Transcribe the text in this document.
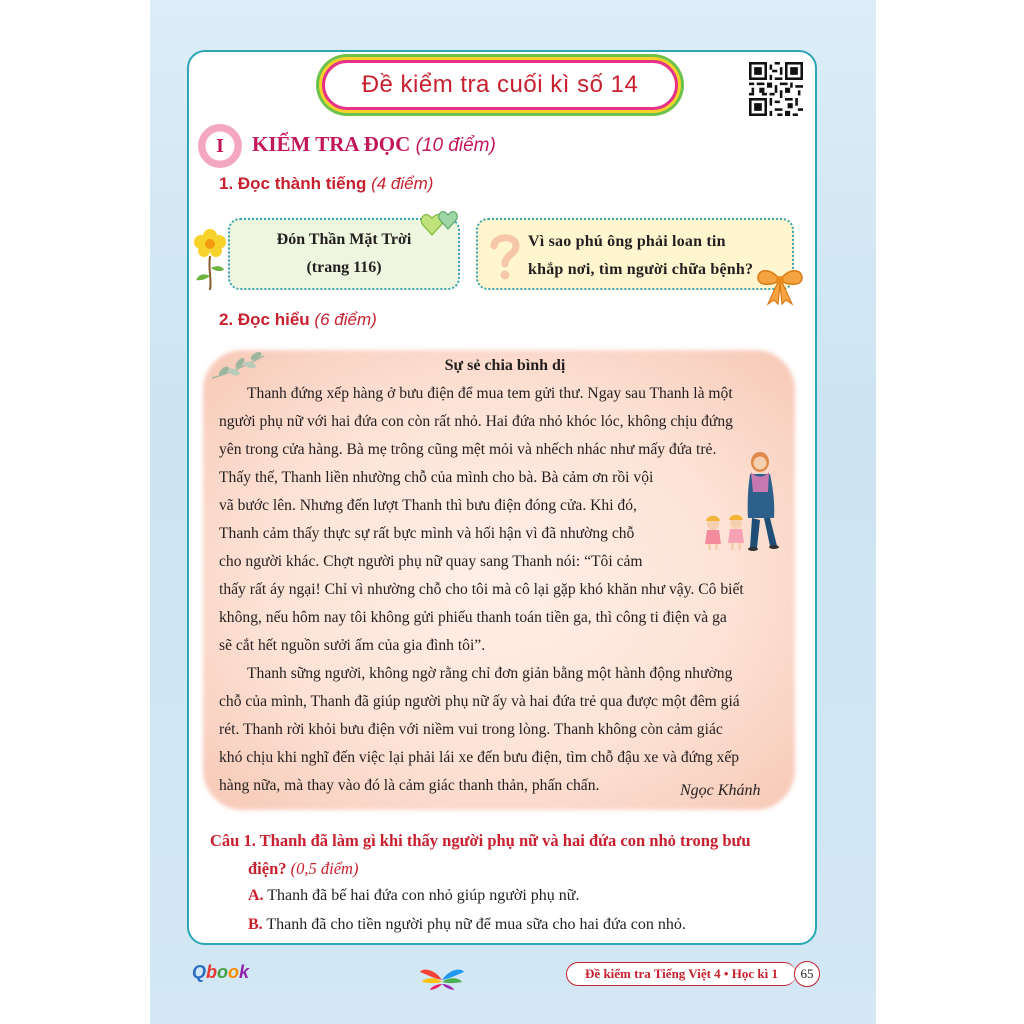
Đề kiểm tra cuối kì số 14
I KIỂM TRA ĐỌC (10 điểm)
1. Đọc thành tiếng (4 điểm)
Đón Thần Mặt Trời
(trang 116)
Vì sao phú ông phải loan tin
khắp nơi, tìm người chữa bệnh?
2. Đọc hiểu (6 điểm)
Sự sẻ chia bình dị
Thanh đứng xếp hàng ở bưu điện để mua tem gửi thư. Ngay sau Thanh là một
người phụ nữ với hai đứa con còn rất nhỏ. Hai đứa nhỏ khóc lóc, không chịu đứng
yên trong cửa hàng. Bà mẹ trông cũng mệt mỏi và nhếch nhác như mấy đứa trẻ.
Thấy thế, Thanh liền nhường chỗ của mình cho bà. Bà cảm ơn rồi vội
vã bước lên. Nhưng đến lượt Thanh thì bưu điện đóng cửa. Khi đó,
Thanh cảm thấy thực sự rất bực mình và hối hận vì đã nhường chỗ
cho người khác. Chợt người phụ nữ quay sang Thanh nói: “Tôi cảm
thấy rất áy ngại! Chỉ vì nhường chỗ cho tôi mà cô lại gặp khó khăn như vậy. Cô biết
không, nếu hôm nay tôi không gửi phiếu thanh toán tiền ga, thì công ti điện và ga
sẽ cắt hết nguồn sưởi ấm của gia đình tôi”.
Thanh sững người, không ngờ rằng chỉ đơn giản bằng một hành động nhường
chỗ của mình, Thanh đã giúp người phụ nữ ấy và hai đứa trẻ qua được một đêm giá
rét. Thanh rời khỏi bưu điện với niềm vui trong lòng. Thanh không còn cảm giác
khó chịu khi nghĩ đến việc lại phải lái xe đến bưu điện, tìm chỗ đậu xe và đứng xếp
hàng nữa, mà thay vào đó là cảm giác thanh thản, phấn chấn.	Ngọc Khánh
Câu 1. Thanh đã làm gì khi thấy người phụ nữ và hai đứa con nhỏ trong bưu
điện? (0,5 điểm)
A. Thanh đã bế hai đứa con nhỏ giúp người phụ nữ.
B. Thanh đã cho tiền người phụ nữ để mua sữa cho hai đứa con nhỏ.
Qbook	Đề kiểm tra Tiếng Việt 4 • Học kì 1	65
